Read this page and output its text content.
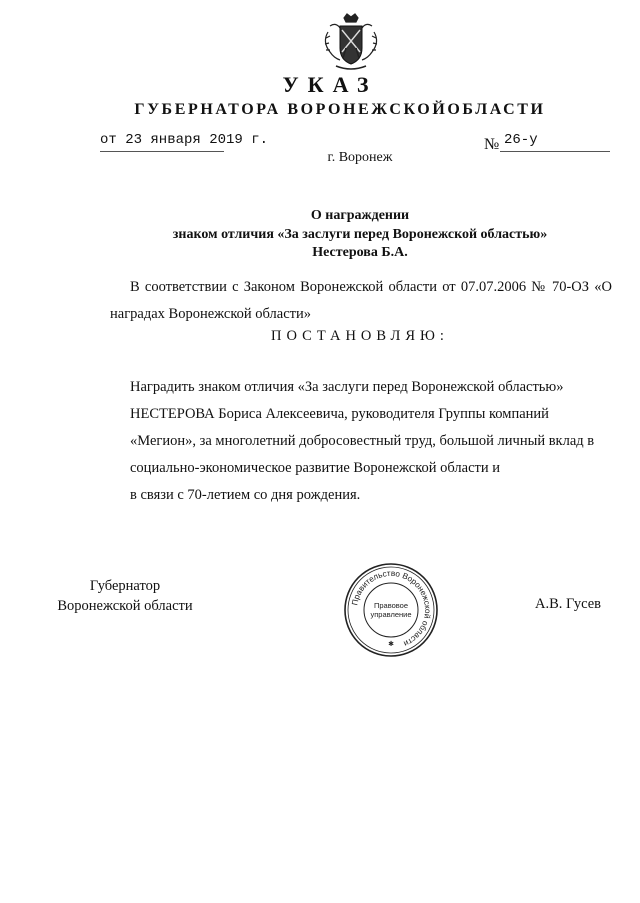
УКАЗ
ГУБЕРНАТОРА ВОРОНЕЖСКОЙОБЛАСТИ
от 23 января 2019 г.	№ 26-у
г. Воронеж
О награждении
знаком отличия «За заслуги перед Воронежской областью»
Нестерова Б.А.
В соответствии с Законом Воронежской области от 07.07.2006 № 70-ОЗ «О наградах Воронежской области»
ПОСТАНОВЛЯЮ:
Наградить знаком отличия «За заслуги перед Воронежской областью»
НЕСТЕРОВА Бориса Алексеевича, руководителя Группы компаний
«Мегион», за многолетний добросовестный труд, большой личный вклад в
социально-экономическое развитие Воронежской области и
в связи с 70-летием со дня рождения.
Губернатор
Воронежской области	Правительство Воронежской области
Правовое
управление
✱
А.В. Гусев
